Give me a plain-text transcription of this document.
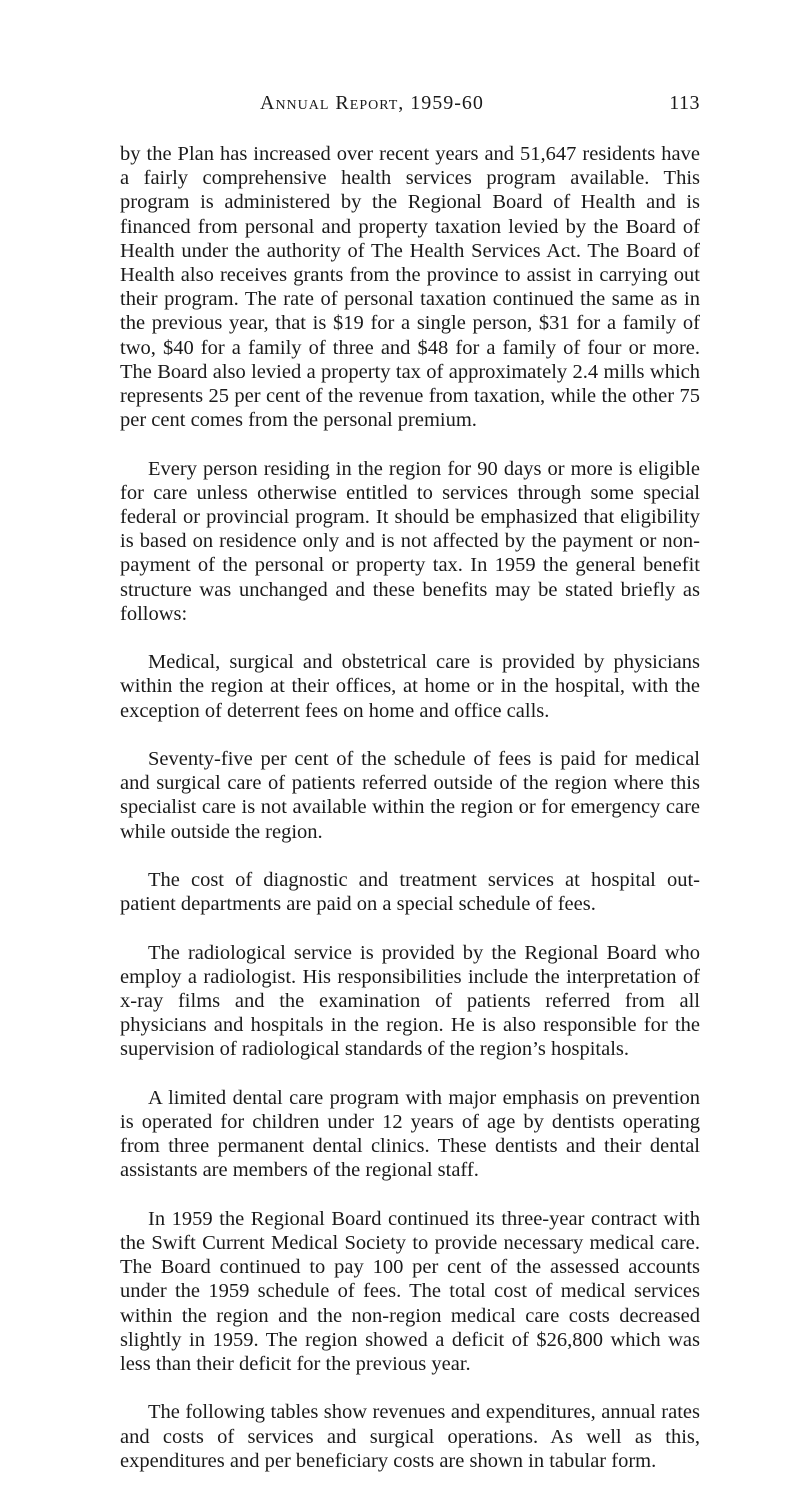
Annual Report, 1959-60	113

by the Plan has increased over recent years and 51,647 residents have a fairly comprehensive health services program available. This program is administered by the Regional Board of Health and is financed from personal and property taxation levied by the Board of Health under the authority of The Health Services Act. The Board of Health also receives grants from the province to assist in carrying out their program. The rate of personal taxation continued the same as in the previous year, that is $19 for a single person, $31 for a family of two, $40 for a family of three and $48 for a family of four or more. The Board also levied a property tax of approximately 2.4 mills which represents 25 per cent of the revenue from taxation, while the other 75 per cent comes from the personal premium.

Every person residing in the region for 90 days or more is eligible for care unless otherwise entitled to services through some special federal or provincial program. It should be emphasized that eligibility is based on residence only and is not affected by the payment or non-payment of the personal or property tax. In 1959 the general benefit structure was unchanged and these benefits may be stated briefly as follows:

Medical, surgical and obstetrical care is provided by physicians within the region at their offices, at home or in the hospital, with the exception of deterrent fees on home and office calls.

Seventy-five per cent of the schedule of fees is paid for medical and surgical care of patients referred outside of the region where this specialist care is not available within the region or for emergency care while outside the region.

The cost of diagnostic and treatment services at hospital out-patient departments are paid on a special schedule of fees.

The radiological service is provided by the Regional Board who employ a radiologist. His responsibilities include the interpretation of x-ray films and the examination of patients referred from all physicians and hospitals in the region. He is also responsible for the supervision of radiological standards of the region’s hospitals.

A limited dental care program with major emphasis on prevention is operated for children under 12 years of age by dentists operating from three permanent dental clinics. These dentists and their dental assistants are members of the regional staff.

In 1959 the Regional Board continued its three-year contract with the Swift Current Medical Society to provide necessary medical care. The Board continued to pay 100 per cent of the assessed accounts under the 1959 schedule of fees. The total cost of medical services within the region and the non-region medical care costs decreased slightly in 1959. The region showed a deficit of $26,800 which was less than their deficit for the previous year.

The following tables show revenues and expenditures, annual rates and costs of services and surgical operations. As well as this, expenditures and per beneficiary costs are shown in tabular form.
